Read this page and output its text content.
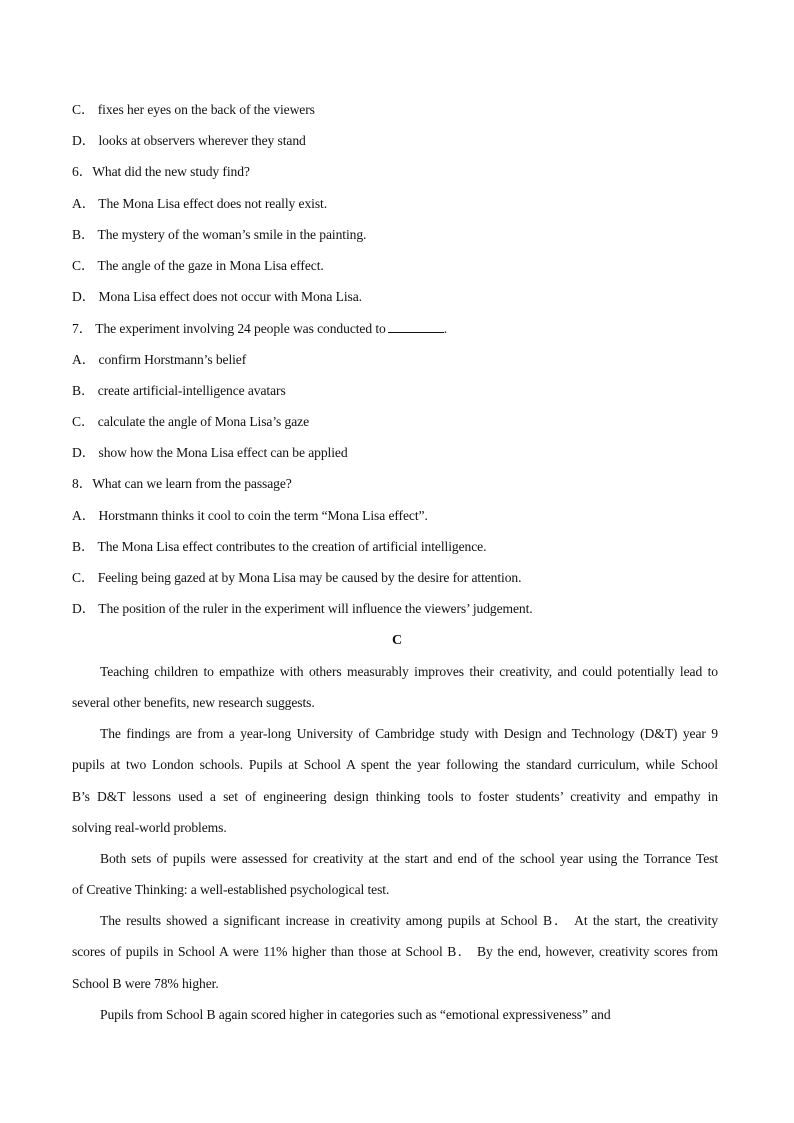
C． fixes her eyes on the back of the viewers
D． looks at observers wherever they stand
6．What did the new study find?
A． The Mona Lisa effect does not really exist.
B． The mystery of the woman’s smile in the painting.
C． The angle of the gaze in Mona Lisa effect.
D． Mona Lisa effect does not occur with Mona Lisa.
7． The experiment involving 24 people was conducted to	.
A． confirm Horstmann’s belief
B． create artificial-intelligence avatars
C． calculate the angle of Mona Lisa’s gaze
D． show how the Mona Lisa effect can be applied
8．What can we learn from the passage?
A． Horstmann thinks it cool to coin the term “Mona Lisa effect”.
B． The Mona Lisa effect contributes to the creation of artificial intelligence.
C． Feeling being gazed at by Mona Lisa may be caused by the desire for attention.
D． The position of the ruler in the experiment will influence the viewers’ judgement.
C
Teaching children to empathize with others measurably improves their creativity, and could potentially lead to
several other benefits, new research suggests.
The findings are from a year-long University of Cambridge study with Design and Technology (D&T) year 9
pupils at two London schools. Pupils at School A spent the year following the standard curriculum, while School
B’s D&T lessons used a set of engineering design thinking tools to foster students’ creativity and empathy in
solving real-world problems.
Both sets of pupils were assessed for creativity at the start and end of the school year using the Torrance Test
of Creative Thinking: a well-established psychological test.
The results showed a significant increase in creativity among pupils at School B． At the start, the creativity
scores of pupils in School A were 11% higher than those at School B． By the end, however, creativity scores from
School B were 78% higher.
Pupils from School B again scored higher in categories such as “emotional expressiveness” and
